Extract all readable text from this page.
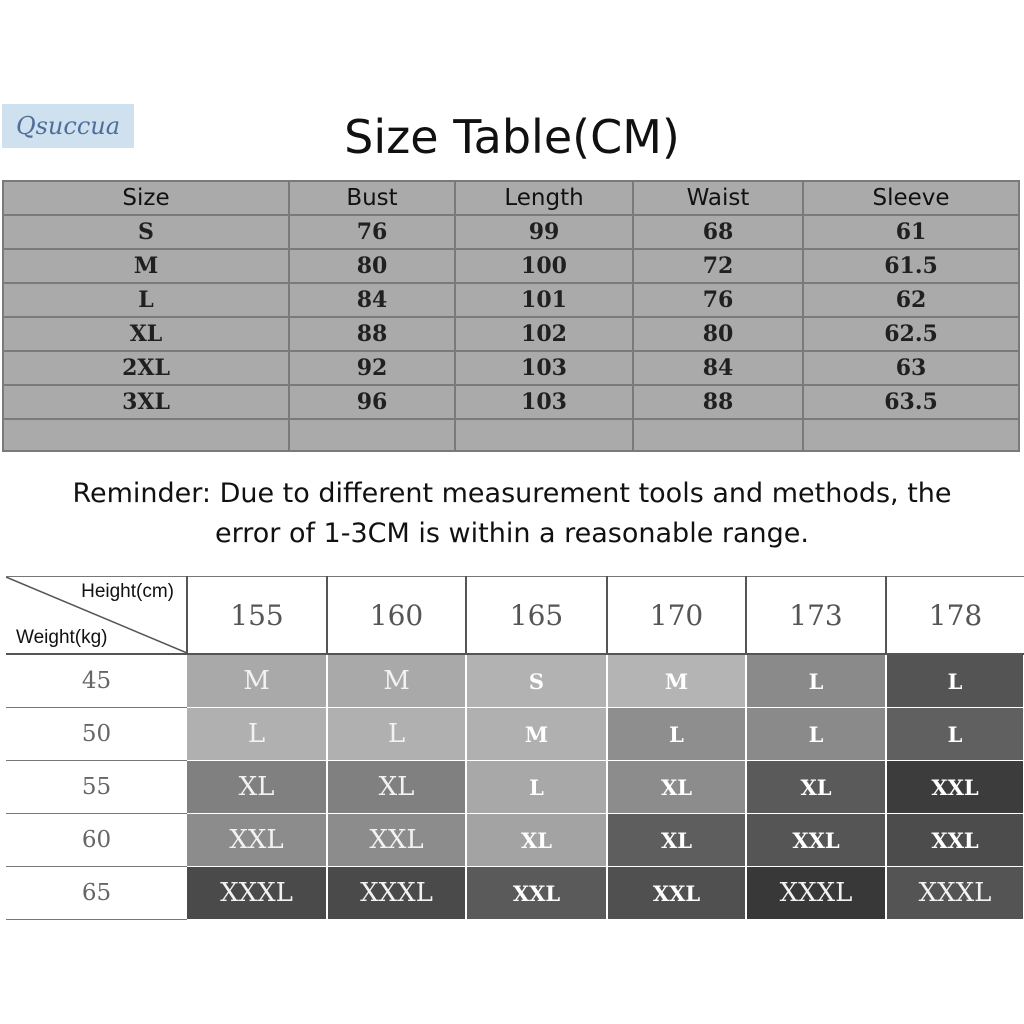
Qsuccua	Size Table(CM)
Size	Bust	Length	Waist	Sleeve
S	76	99	68	61
M	80	100	72	61.5
L	84	101	76	62
XL	88	102	80	62.5
2XL	92	103	84	63
3XL	96	103	88	63.5

Reminder: Due to different measurement tools and methods, the
error of 1-3CM is within a reasonable range.
Height(cm)
Weight(kg)	155	160	165	170	173	178
45	M	M	S	M	L	L
50	L	L	M	L	L	L
55	XL	XL	L	XL	XL	XXL
60	XXL	XXL	XL	XL	XXL	XXL
65	XXXL	XXXL	XXL	XXL	XXXL	XXXL
